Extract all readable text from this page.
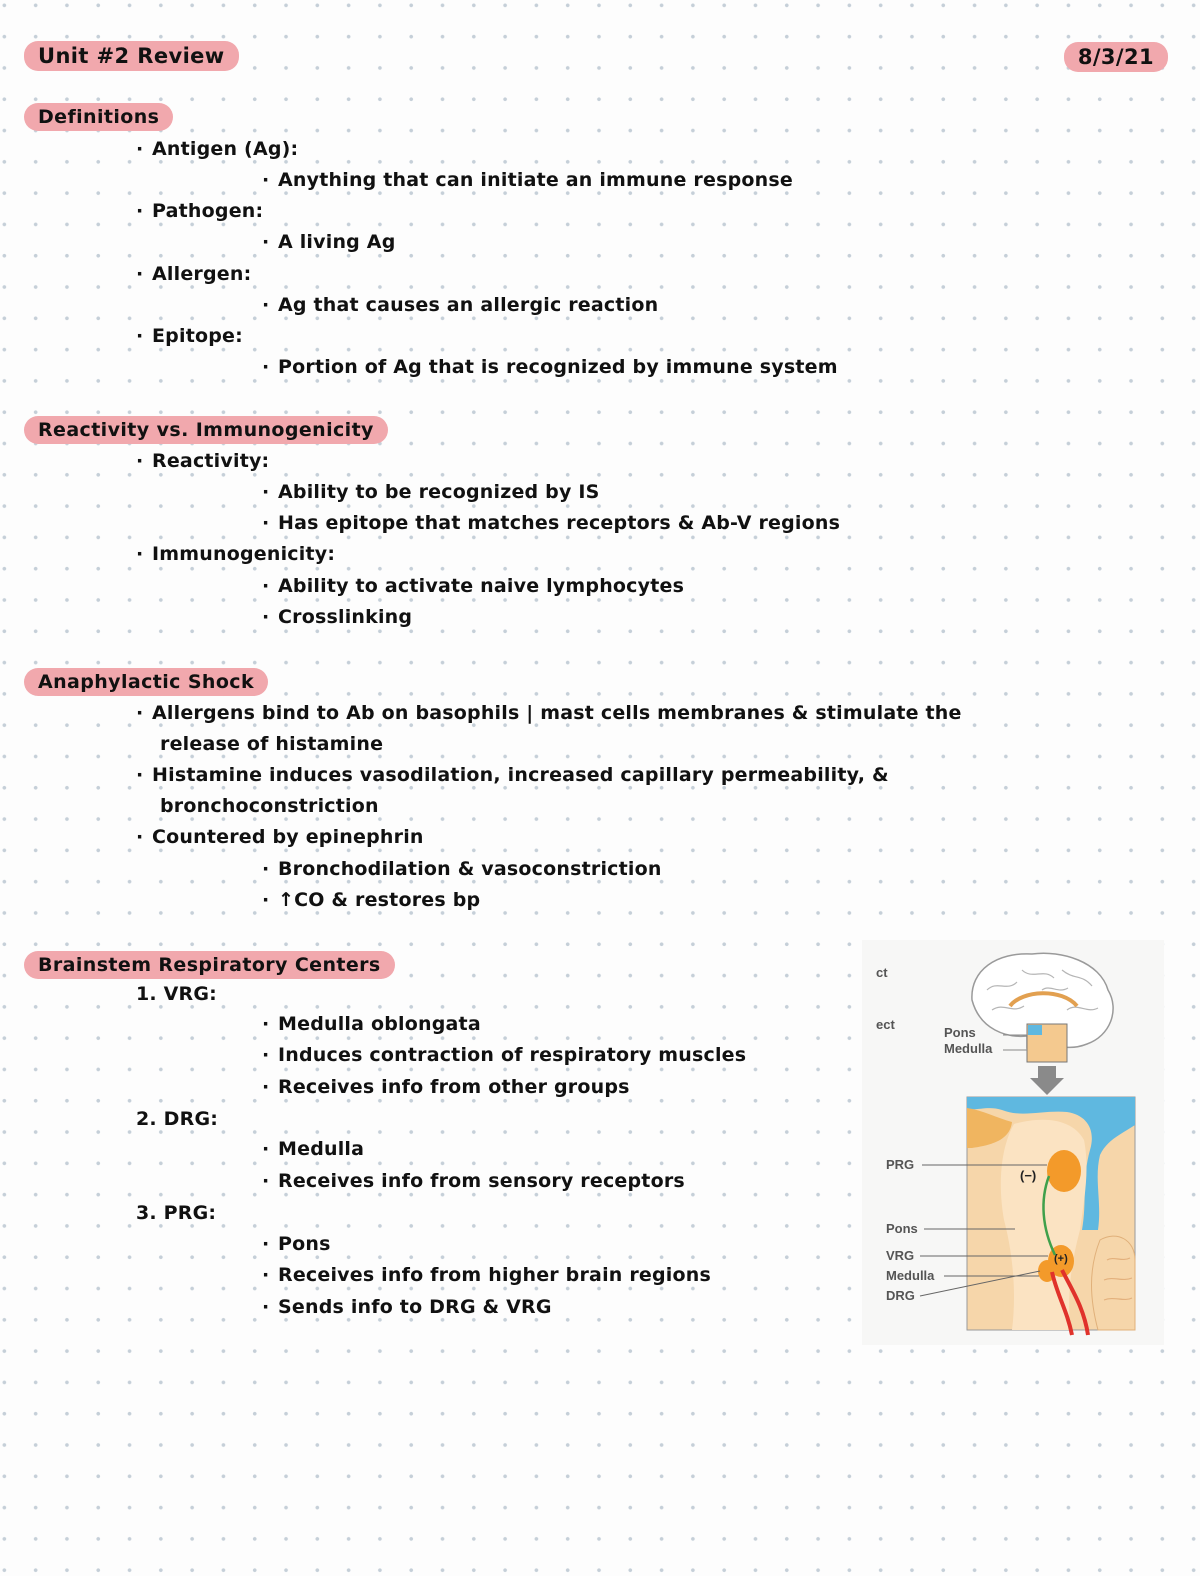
Unit #2 Review	8/3/21
Definitions
· Antigen (Ag):
· Anything that can initiate an immune response
· Pathogen:
· A living Ag
· Allergen:
· Ag that causes an allergic reaction
· Epitope:
· Portion of Ag that is recognized by immune system
Reactivity vs. Immunogenicity
· Reactivity:
· Ability to be recognized by IS
· Has epitope that matches receptors & Ab-V regions
· Immunogenicity:
· Ability to activate naive lymphocytes
· Crosslinking
Anaphylactic Shock
· Allergens bind to Ab on basophils | mast cells membranes & stimulate the
release of histamine
· Histamine induces vasodilation, increased capillary permeability, &
bronchoconstriction
· Countered by epinephrin
· Bronchodilation & vasoconstriction
· ↑CO & restores bp
Brainstem Respiratory Centers
1. VRG:
· Medulla oblongata
· Induces contraction of respiratory muscles
· Receives info from other groups
2. DRG:
· Medulla
· Receives info from sensory receptors
3. PRG:
· Pons
· Receives info from higher brain regions
· Sends info to DRG & VRG
ct
ect
Pons
Medulla
PRG
(−)
Pons
VRG	(+)
Medulla
DRG
